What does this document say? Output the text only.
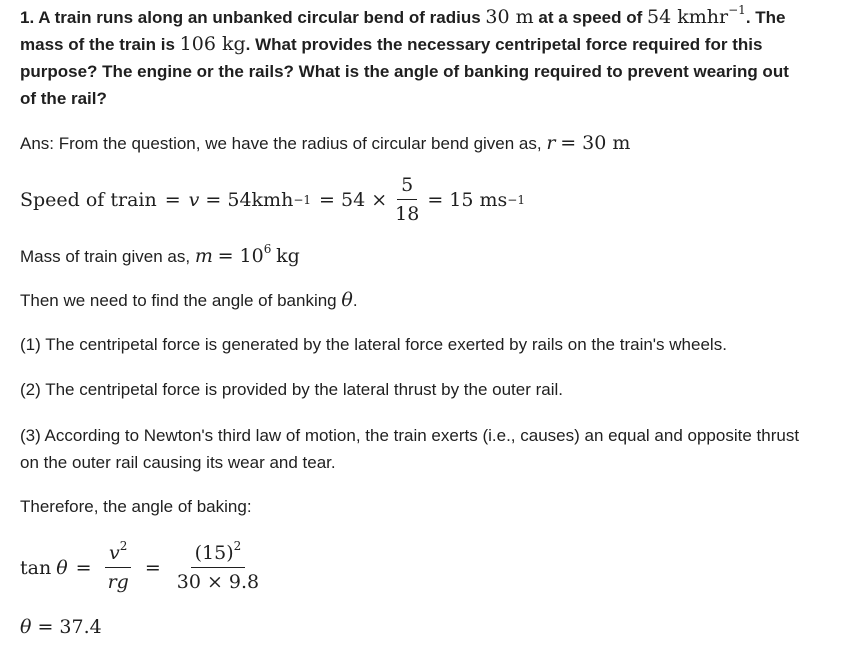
1. A train runs along an unbanked circular bend of radius 30 m at a speed of 54 kmhr$^{-1}$. The
mass of the train is 106 kg. What provides the necessary centripetal force required for this
purpose? The engine or the rails? What is the angle of banking required to prevent wearing out
of the rail?

Ans: From the question, we have the radius of circular bend given as, r = 30 m

Speed of train = $v = 54kmh -1 = 54 \times \frac{5}{18} = 15$ ms −1

Mass of train given as, $m = 10^6$ kg

Then we need to find the angle of banking θ.

(1) The centripetal force is generated by the lateral force exerted by rails on the train's wheels.

(2) The centripetal force is provided by the lateral thrust by the outer rail.

(3) According to Newton's third law of motion, the train exerts (i.e., causes) an equal and opposite thrust
on the outer rail causing its wear and tear.

Therefore, the angle of baking:

$\tan \theta = \frac{v^2}{rg} = \frac{(15)^2}{30 \times 9.8}$
θ = 37.4
